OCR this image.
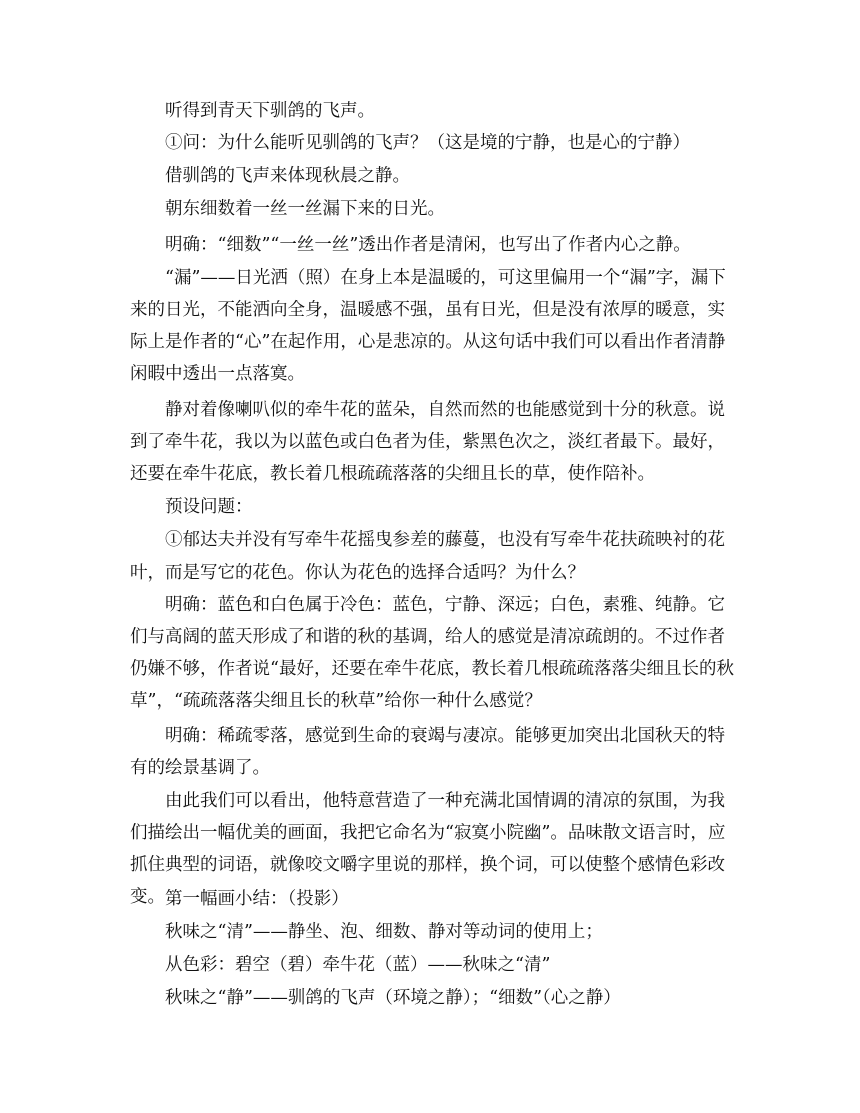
听得到青天下驯鸽的飞声。

①问：为什么能听见驯鸽的飞声？（这是境的宁静，也是心的宁静）

借驯鸽的飞声来体现秋晨之静。

朝东细数着一丝一丝漏下来的日光。

明确：“细数”“一丝一丝”透出作者是清闲，也写出了作者内心之静。

“漏”——日光洒（照）在身上本是温暖的，可这里偏用一个“漏”字，漏下来的日光，不能洒向全身，温暖感不强，虽有日光，但是没有浓厚的暖意，实际上是作者的“心”在起作用，心是悲凉的。从这句话中我们可以看出作者清静闲暇中透出一点落寞。

静对着像喇叭似的牵牛花的蓝朵，自然而然的也能感觉到十分的秋意。说到了牵牛花，我以为以蓝色或白色者为佳，紫黑色次之，淡红者最下。最好，还要在牵牛花底，教长着几根疏疏落落的尖细且长的草，使作陪补。

预设问题：

①郁达夫并没有写牵牛花摇曳参差的藤蔓，也没有写牵牛花扶疏映衬的花

叶，而是写它的花色。你认为花色的选择合适吗？为什么？

明确：蓝色和白色属于冷色：蓝色，宁静、深远；白色，素雅、纯静。它们与高阔的蓝天形成了和谐的秋的基调，给人的感觉是清凉疏朗的。不过作者仍嫌不够，作者说“最好，还要在牵牛花底，教长着几根疏疏落落尖细且长的秋草”，“疏疏落落尖细且长的秋草”给你一种什么感觉？

明确：稀疏零落，感觉到生命的衰竭与凄凉。能够更加突出北国秋天的特有的绘景基调了。

由此我们可以看出，他特意营造了一种充满北国情调的清凉的氛围，为我们描绘出一幅优美的画面，我把它命名为“寂寞小院幽”。品味散文语言时，应抓住典型的词语，就像咬文嚼字里说的那样，换个词，可以使整个感情色彩改变。 第一幅画小结：（投影）

秋味之“清”——静坐、泡、细数、静对等动词的使用上；

从色彩：碧空（碧）牵牛花（蓝）——秋味之“清”

秋味之“静”——驯鸽的飞声（环境之静）；“细数”（心之静）
